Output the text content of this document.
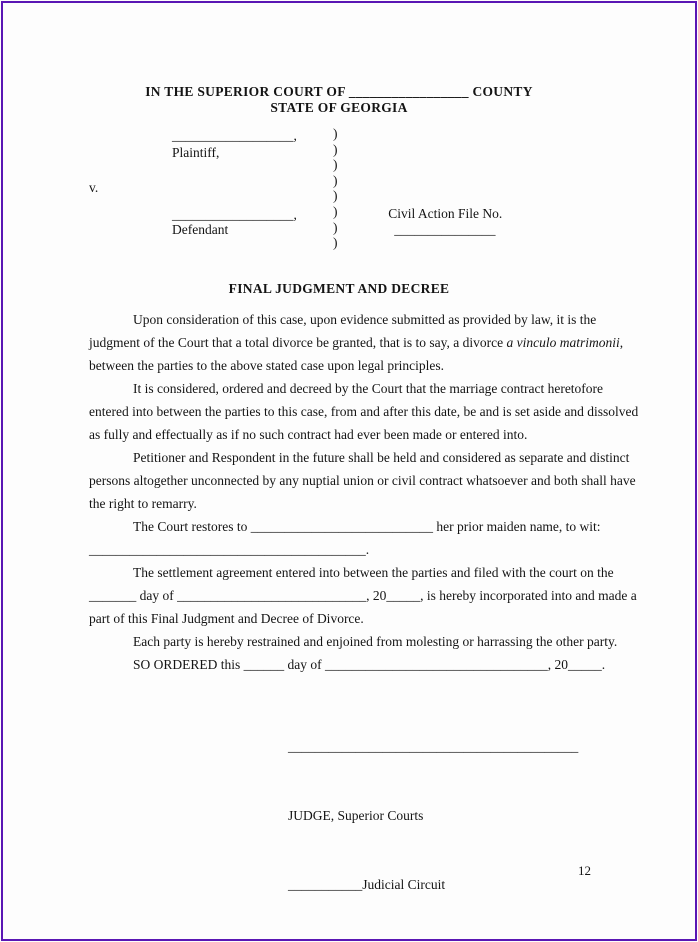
IN THE SUPERIOR COURT OF _________________ COUNTY
STATE OF GEORGIA
__________________,
Plaintiff,
v.
__________________,
Defendant
)
)
)
)
)
)
)
)

Civil Action File No.
_______________

FINAL JUDGMENT AND DECREE

Upon consideration of this case, upon evidence submitted as provided by law, it is the judgment of the Court that a total divorce be granted, that is to say, a divorce a vinculo matrimonii, between the parties to the above stated case upon legal principles.

It is considered, ordered and decreed by the Court that the marriage contract heretofore entered into between the parties to this case, from and after this date, be and is set aside and dissolved as fully and effectually as if no such contract had ever been made or entered into.

Petitioner and Respondent in the future shall be held and considered as separate and distinct persons altogether unconnected by any nuptial union or civil contract whatsoever and both shall have the right to remarry.

The Court restores to ___________________________ her prior maiden name, to wit: _________________________________________.

The settlement agreement entered into between the parties and filed with the court on the _______ day of ____________________________, 20_____, is hereby incorporated into and made a part of this Final Judgment and Decree of Divorce.

Each party is hereby restrained and enjoined from molesting or harrassing the other party.

SO ORDERED this ______ day of _________________________________, 20_____.

___________________________________________

JUDGE, Superior Courts

___________Judicial Circuit

12
